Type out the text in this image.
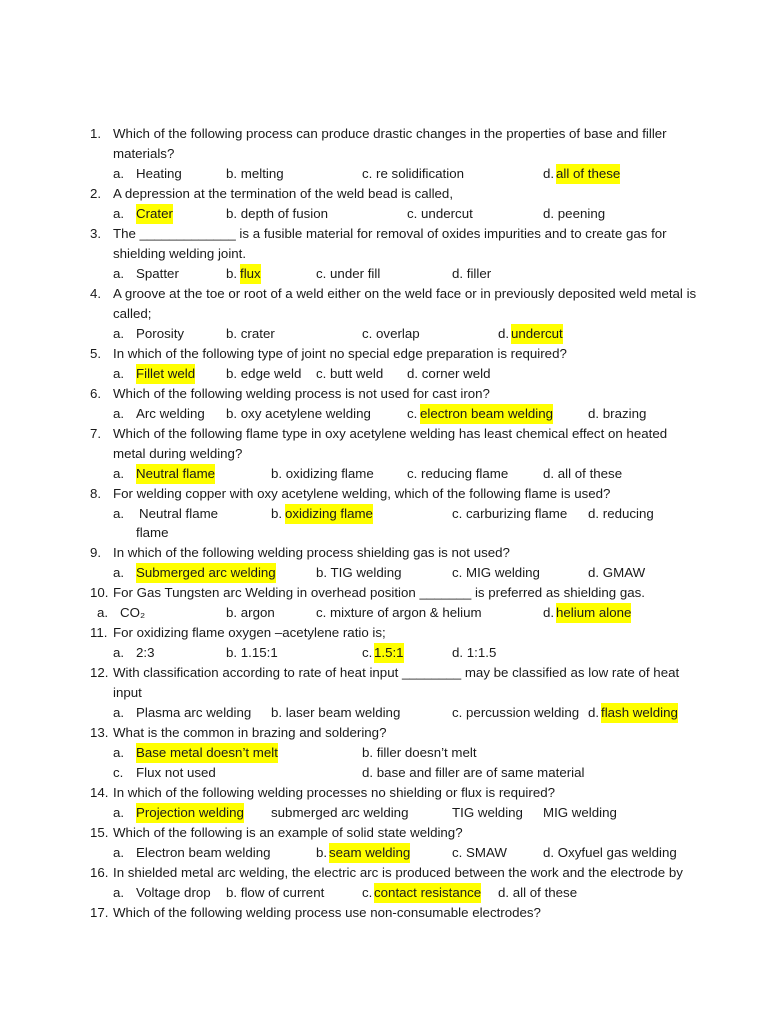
1. Which of the following process can produce drastic changes in the properties of base and filler
materials?
a. Heating	b. melting	c. re solidification	d. all of these
2. A depression at the termination of the weld bead is called,
a. Crater	b. depth of fusion	c. undercut	d. peening
3. The _____________ is a fusible material for removal of oxides impurities and to create gas for
shielding welding joint.
a. Spatter	b. flux	c. under fill	d. filler
4. A groove at the toe or root of a weld either on the weld face or in previously deposited weld metal is
called;
a. Porosity	b. crater	c. overlap	d. undercut
5. In which of the following type of joint no special edge preparation is required?
a. Fillet weld b. edge weld c. butt weld d. corner weld
6. Which of the following welding process is not used for cast iron?
a. Arc welding b. oxy acetylene welding	c. electron beam welding	d. brazing
7. Which of the following flame type in oxy acetylene welding has least chemical effect on heated
metal during welding?
a. Neutral flame	b. oxidizing flame	c. reducing flame	d. all of these
8. For welding copper with oxy acetylene welding, which of the following flame is used?
a. Neutral flame	b. oxidizing flame	c. carburizing flame d. reducing
flame
9. In which of the following welding process shielding gas is not used?
a. Submerged arc welding	b. TIG welding	c. MIG welding	d. GMAW
10. For Gas Tungsten arc Welding in overhead position _______ is preferred as shielding gas.
a. CO₂	b. argon	c. mixture of argon & helium	d. helium alone
11. For oxidizing flame oxygen –acetylene ratio is;
a. 2:3	b. 1.15:1	c. 1.5:1	d. 1:1.5
12. With classification according to rate of heat input ________ may be classified as low rate of heat
input
a. Plasma arc welding b. laser beam welding	c. percussion welding d. flash welding
13. What is the common in brazing and soldering?
a. Base metal doesn’t melt	b. filler doesn’t melt
c. Flux not used	d. base and filler are of same material
14. In which of the following welding processes no shielding or flux is required?
a. Projection welding submerged arc welding	TIG welding MIG welding
15. Which of the following is an example of solid state welding?
a. Electron beam welding	b. seam welding	c. SMAW	d. Oxyfuel gas welding
16. In shielded metal arc welding, the electric arc is produced between the work and the electrode by
a. Voltage drop b. flow of current	c. contact resistance d. all of these
17. Which of the following welding process use non-consumable electrodes?
